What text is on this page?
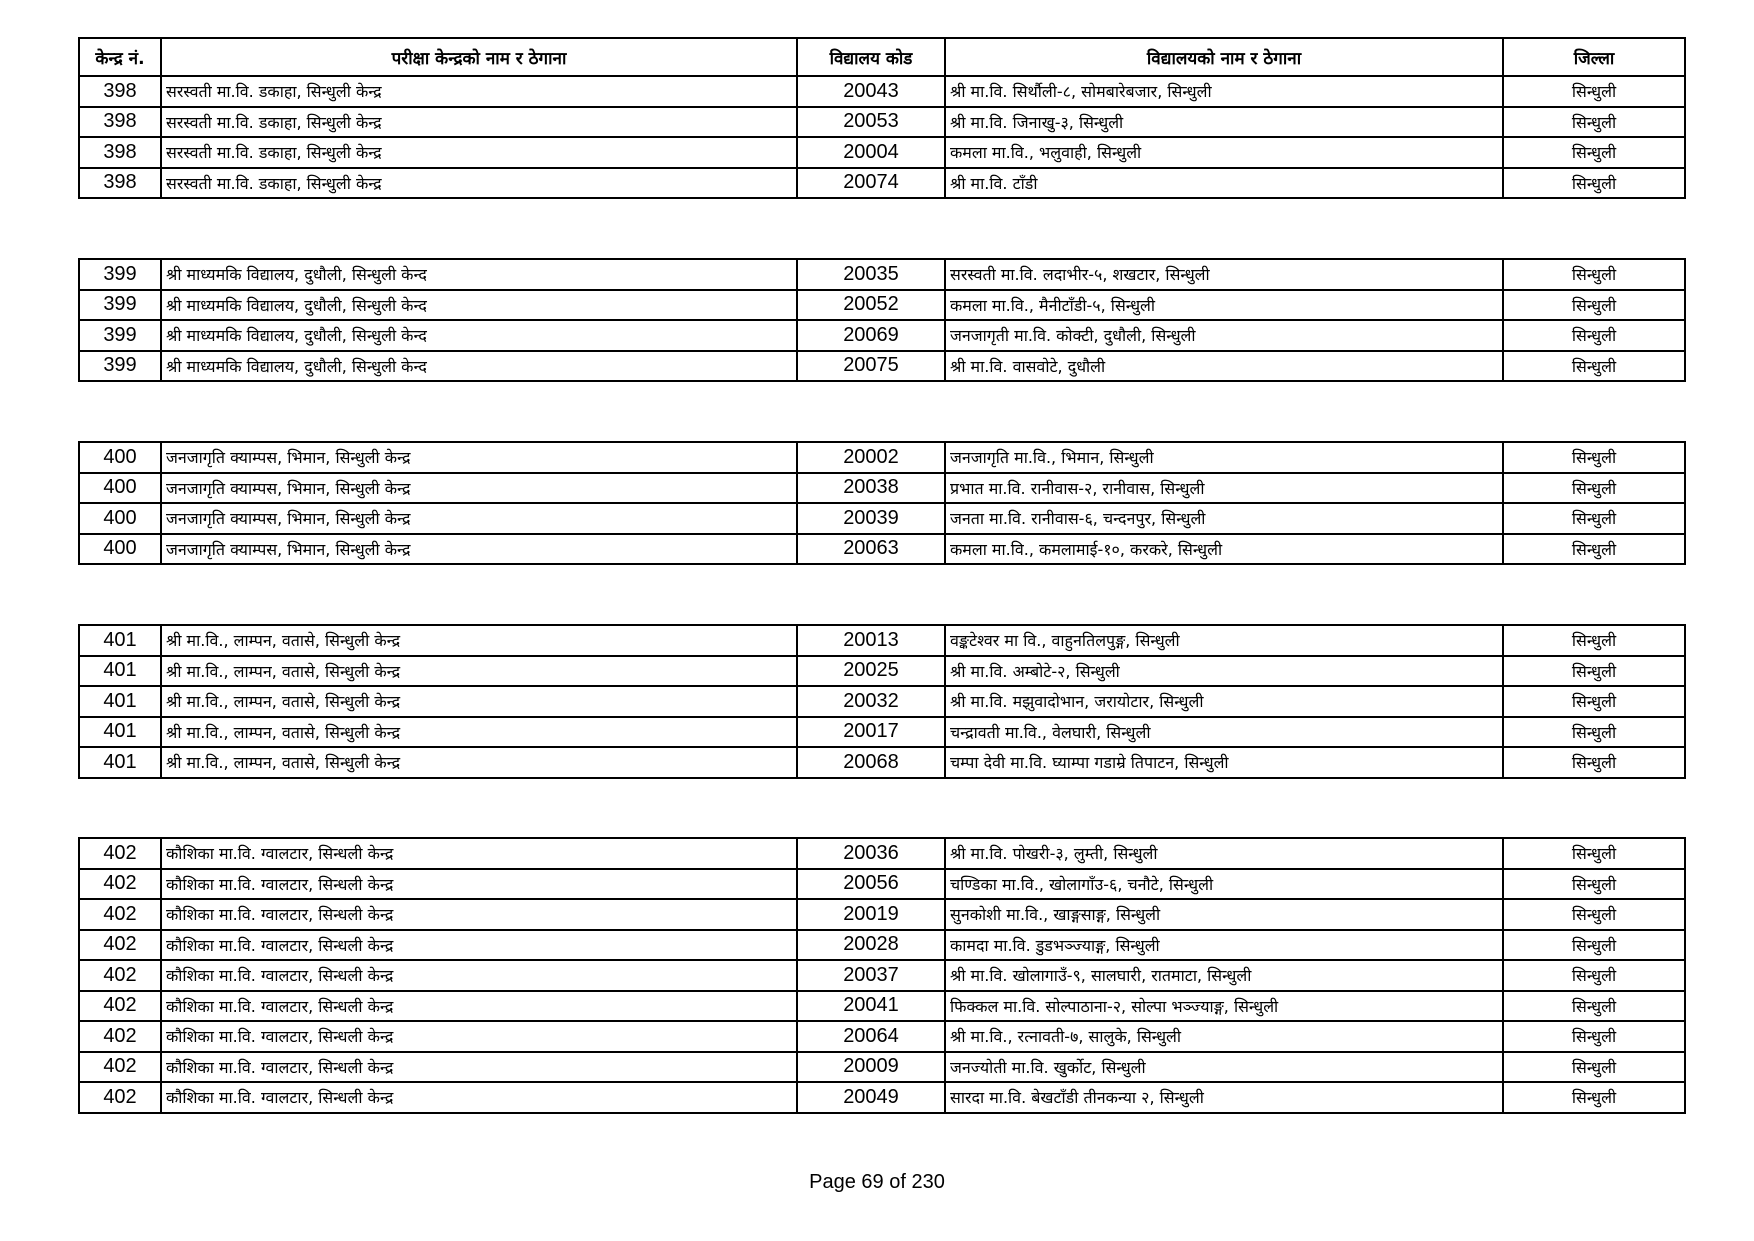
केन्द्र नं.	परीक्षा केन्द्रको नाम र ठेगाना	विद्यालय कोड	विद्यालयको नाम र ठेगाना	जिल्ला
398	सरस्वती मा.वि. डकाहा, सिन्धुली केन्द्र	20043	श्री मा.वि. सिर्थौली-८, सोमबारेबजार, सिन्धुली	सिन्धुली
398	सरस्वती मा.वि. डकाहा, सिन्धुली केन्द्र	20053	श्री मा.वि. जिनाखु-३, सिन्धुली	सिन्धुली
398	सरस्वती मा.वि. डकाहा, सिन्धुली केन्द्र	20004	कमला मा.वि., भलुवाही, सिन्धुली	सिन्धुली
398	सरस्वती मा.वि. डकाहा, सिन्धुली केन्द्र	20074	श्री मा.वि. टाँडी	सिन्धुली
399	श्री माध्यमकि विद्यालय, दुधौली, सिन्धुली केन्द	20035	सरस्वती मा.वि. लदाभीर-५, शखटार, सिन्धुली	सिन्धुली
399	श्री माध्यमकि विद्यालय, दुधौली, सिन्धुली केन्द	20052	कमला मा.वि., मैनीटाँडी-५, सिन्धुली	सिन्धुली
399	श्री माध्यमकि विद्यालय, दुधौली, सिन्धुली केन्द	20069	जनजागृती मा.वि. कोक्टी, दुधौली, सिन्धुली	सिन्धुली
399	श्री माध्यमकि विद्यालय, दुधौली, सिन्धुली केन्द	20075	श्री मा.वि. वासवोटे, दुधौली	सिन्धुली
400	जनजागृति क्याम्पस, भिमान, सिन्धुली केन्द्र	20002	जनजागृति मा.वि., भिमान, सिन्धुली	सिन्धुली
400	जनजागृति क्याम्पस, भिमान, सिन्धुली केन्द्र	20038	प्रभात मा.वि. रानीवास-२, रानीवास, सिन्धुली	सिन्धुली
400	जनजागृति क्याम्पस, भिमान, सिन्धुली केन्द्र	20039	जनता मा.वि. रानीवास-६, चन्दनपुर, सिन्धुली	सिन्धुली
400	जनजागृति क्याम्पस, भिमान, सिन्धुली केन्द्र	20063	कमला मा.वि., कमलामाई-१०, करकरे, सिन्धुली	सिन्धुली
401	श्री मा.वि., लाम्पन, वतासे, सिन्धुली केन्द्र	20013	वङ्कटेश्वर मा वि., वाहुनतिलपुङ्ग, सिन्धुली	सिन्धुली
401	श्री मा.वि., लाम्पन, वतासे, सिन्धुली केन्द्र	20025	श्री मा.वि. अम्बोटे-२, सिन्धुली	सिन्धुली
401	श्री मा.वि., लाम्पन, वतासे, सिन्धुली केन्द्र	20032	श्री मा.वि. मझुवादोभान, जरायोटार, सिन्धुली	सिन्धुली
401	श्री मा.वि., लाम्पन, वतासे, सिन्धुली केन्द्र	20017	चन्द्रावती मा.वि., वेलघारी, सिन्धुली	सिन्धुली
401	श्री मा.वि., लाम्पन, वतासे, सिन्धुली केन्द्र	20068	चम्पा देवी मा.वि. घ्याम्पा गडाम्रे तिपाटन, सिन्धुली	सिन्धुली
402	कौशिका मा.वि. ग्वालटार, सिन्धली केन्द्र	20036	श्री मा.वि. पोखरी-३, लुम्ती, सिन्धुली	सिन्धुली
402	कौशिका मा.वि. ग्वालटार, सिन्धली केन्द्र	20056	चण्डिका मा.वि., खोलागाँउ-६, चनौटे, सिन्धुली	सिन्धुली
402	कौशिका मा.वि. ग्वालटार, सिन्धली केन्द्र	20019	सुनकोशी मा.वि., खाङ्गसाङ्ग, सिन्धुली	सिन्धुली
402	कौशिका मा.वि. ग्वालटार, सिन्धली केन्द्र	20028	कामदा मा.वि. डुडभञ्ज्याङ्ग, सिन्धुली	सिन्धुली
402	कौशिका मा.वि. ग्वालटार, सिन्धली केन्द्र	20037	श्री मा.वि. खोलागाउँ-९, सालघारी, रातमाटा, सिन्धुली	सिन्धुली
402	कौशिका मा.वि. ग्वालटार, सिन्धली केन्द्र	20041	फिक्कल मा.वि. सोल्पाठाना-२, सोल्पा भञ्ज्याङ्ग, सिन्धुली	सिन्धुली
402	कौशिका मा.वि. ग्वालटार, सिन्धली केन्द्र	20064	श्री मा.वि., रत्नावती-७, सालुके, सिन्धुली	सिन्धुली
402	कौशिका मा.वि. ग्वालटार, सिन्धली केन्द्र	20009	जनज्योती मा.वि. खुर्कोट, सिन्धुली	सिन्धुली
402	कौशिका मा.वि. ग्वालटार, सिन्धली केन्द्र	20049	सारदा मा.वि. बेखटाँडी तीनकन्या २, सिन्धुली	सिन्धुली
Page 69 of 230
